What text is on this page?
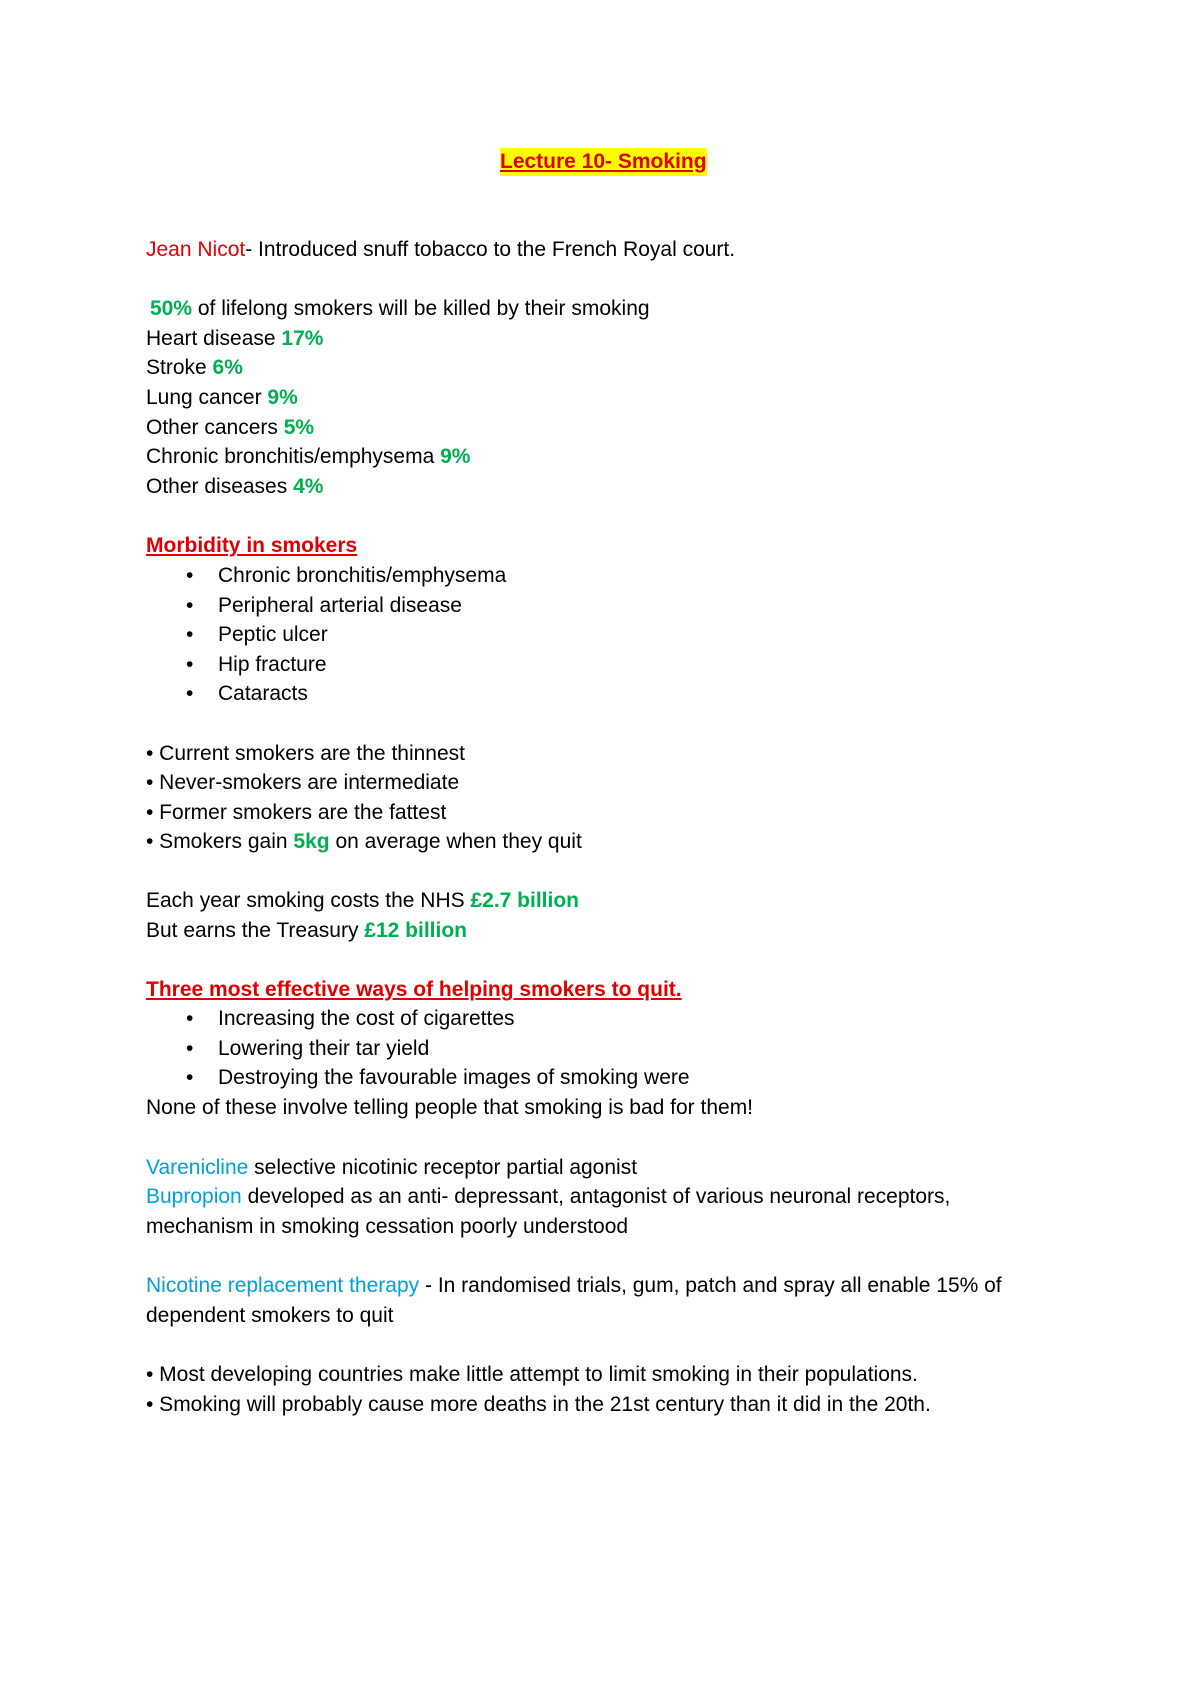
Lecture 10- Smoking
Jean Nicot- Introduced snuff tobacco to the French Royal court.
50% of lifelong smokers will be killed by their smoking
Heart disease 17%
Stroke 6%
Lung cancer 9%
Other cancers 5%
Chronic bronchitis/emphysema 9%
Other diseases 4%
Morbidity in smokers
• Chronic bronchitis/emphysema
• Peripheral arterial disease
• Peptic ulcer
• Hip fracture
• Cataracts
• Current smokers are the thinnest
• Never-smokers are intermediate
• Former smokers are the fattest
• Smokers gain 5kg on average when they quit
Each year smoking costs the NHS £2.7 billion
But earns the Treasury £12 billion
Three most effective ways of helping smokers to quit.
• Increasing the cost of cigarettes
• Lowering their tar yield
• Destroying the favourable images of smoking were
None of these involve telling people that smoking is bad for them!
Varenicline selective nicotinic receptor partial agonist
Bupropion developed as an anti- depressant, antagonist of various neuronal receptors,
mechanism in smoking cessation poorly understood
Nicotine replacement therapy - In randomised trials, gum, patch and spray all enable 15% of
dependent smokers to quit
• Most developing countries make little attempt to limit smoking in their populations.
• Smoking will probably cause more deaths in the 21st century than it did in the 20th.
